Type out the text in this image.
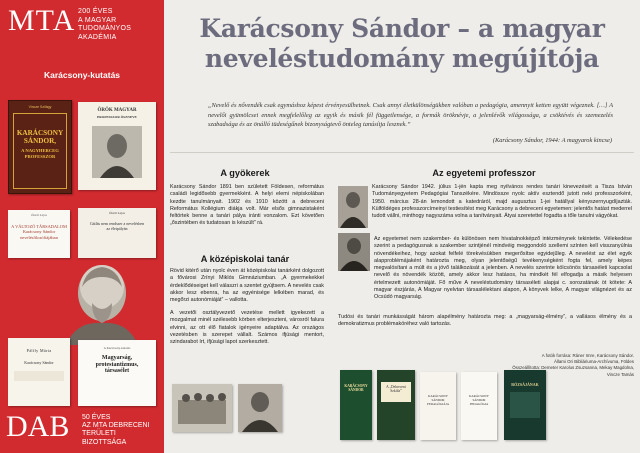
MTA 200 ÉVES
A MAGYAR
TUDOMÁNYOS
AKADÉMIA
Karácsony-kutatás
Vincze Szilágy
KARÁCSONY
SÁNDOR,
A NAGYHERCEG
PROFESSZOR
ÖRÖK MAGYAR
PROFESSZOR ÖSZNEVE
Ósvát Lajos
A VÁLTOZÓ TÁRSADALOM
Karácsony Sándor
nevelésfilozófiájában
Ósvát Lajos
Gátlás nem rendszer a nevelésben
az életpályán
Pálffy Mária
Karácsony Sándor
A Karácsony-kutatás
Magyarság,
protestantizmus,
társasélet
DAB 50 ÉVES
AZ MTA DEBRECENI
TERÜLETI
BIZOTTSÁGA
Karácsony Sándor – a magyar
neveléstudomány megújítója
„Nevelő és nővendék csak egymáshoz képest érvényesülhetnek. Csak annyi életkülönségükben valóban a pedagógia, amennyit ketten együtt végeznek. […] A nevelői gyümölcsei ennek megfelelőleg az egyik és másik fél függetlensége, a formák öröknévje, a jelenlévők világossága, a csöktévés és szemezelés szabadsága és az önálló tüdeségűnek bizonyságtevő önteleg tanúsítja lesznek.”
(Karácsony Sándor, 1944: A magyarok kincse)
A gyökerek
Karácsony Sándor 1891 ben született Földesen, református családi legidősebb gyermekként. A helyi elemi népiskolában kezdte tanulmányait. 1902 és 1910 között a debreceni Református Kollégium diákja volt. Már elsős gimnazistaként feltörtek benne a tanári pálya iránti vonzalom. Ezt követően „őszintében és tudatosan is készült” rá.
A középiskolai tanár
Rövid kitérő után nyolc éven át középiskolai tanárként dolgozott a fővárosi Zrínyi Miklós Gimnáziumban. „A gyermekekkel érdeklődéseiget kell válaszri a szentet gyújtsem. A nevelés csak akkor lesz ebenra, ha az egyénisége lelkében marad, és megőrzi autonómiáját” – vallotta.
A vezetői osztályvezető vezetése mellett igyekezett a mozgalmat minél szélesebb körben elterjeszteni, városról falura elvinni, az ott élő fiatalok igényeire adaptálva. Az országos vezetésben is szerepet vállalt. Számos ifjúsági mentort, szindarabot írt, ifjúsági lapot szerkesztett.
Az egyetemi professzor
Karácsony Sándor 1942. július 1-jén kapta meg nyilvános rendes tanári kinevezését a Tisza István Tudományegyetem Pedagógiai Tanszékére. Mindössze nyolc aktív esztendő jutott neki professzorként, 1950. március 28-án lemondott a katedráról, majd augusztus 1-jei hatállyal kényszernyugdíjazták. Külföldéges professzorcímeinyi testiesítést meg Karácsony a debreceni egyetemen: jelentős hatást mederrel tudott vállni, minthogy nagyszáma volna a tanítványait. Átyai szeretettel fogadta a tőle tanulni vágyókat.
Az egyetemet nem szakember- és különösen nem hivatalnokképző intézménynek tekintette. Vélekedése szerint a pedagógusnak a szakember szintjénél mindvéig meggondoló szellemi színten kell visszanyúlnia növendékeihez, hogy azokat felfelé törekvésükben megerősítse egyidejűleg. A nevelést az élet egyik alapproblémájaként határozta meg, olyan jelentőségű tevékenységként fogta fel, amely képes megvalósítani a múlt és a jövő találkozását a jelenben. A nevelés szerinte kölcsönös társaséleti kapcsolat nevelő és növendék között, amely akkor lesz hatásos, ha mindkét fél elfogadja a másik helyesen értelmezett autonómiáját. Fő műve A neveléstudomány társaséleti alapjai c. sorozatának öt kötete: A magyar észjárás, A Magyar nyelvtan társaslélektani alapon, A könyvek lelke, A magyar világnézet és az Ocsúdó magyarság.
Tudósi és tanári munkásságát három alapélmény határozta meg: a „magyarság-élmény”, a vallásos élmény és a demokratizmus problémaköréhez való tartozás.
A fotók forrása: Ráner Imre, Karácsony Sándor.
Állami Ori Bibliáriuma-Archívuma, Földes
Összeállította: Demeter Karolus Zsuzsanna, Mekay Magdolna, Vincze Tamás
KARÁCSONY SÁNDOR
A „Debreceni Szkóla”
KARÁCSONY SÁNDOR PEDAGÓGIÁJA
KARÁCSONY SÁNDOR PEDAGÓGIA
RÓZSÁJÁNAK
